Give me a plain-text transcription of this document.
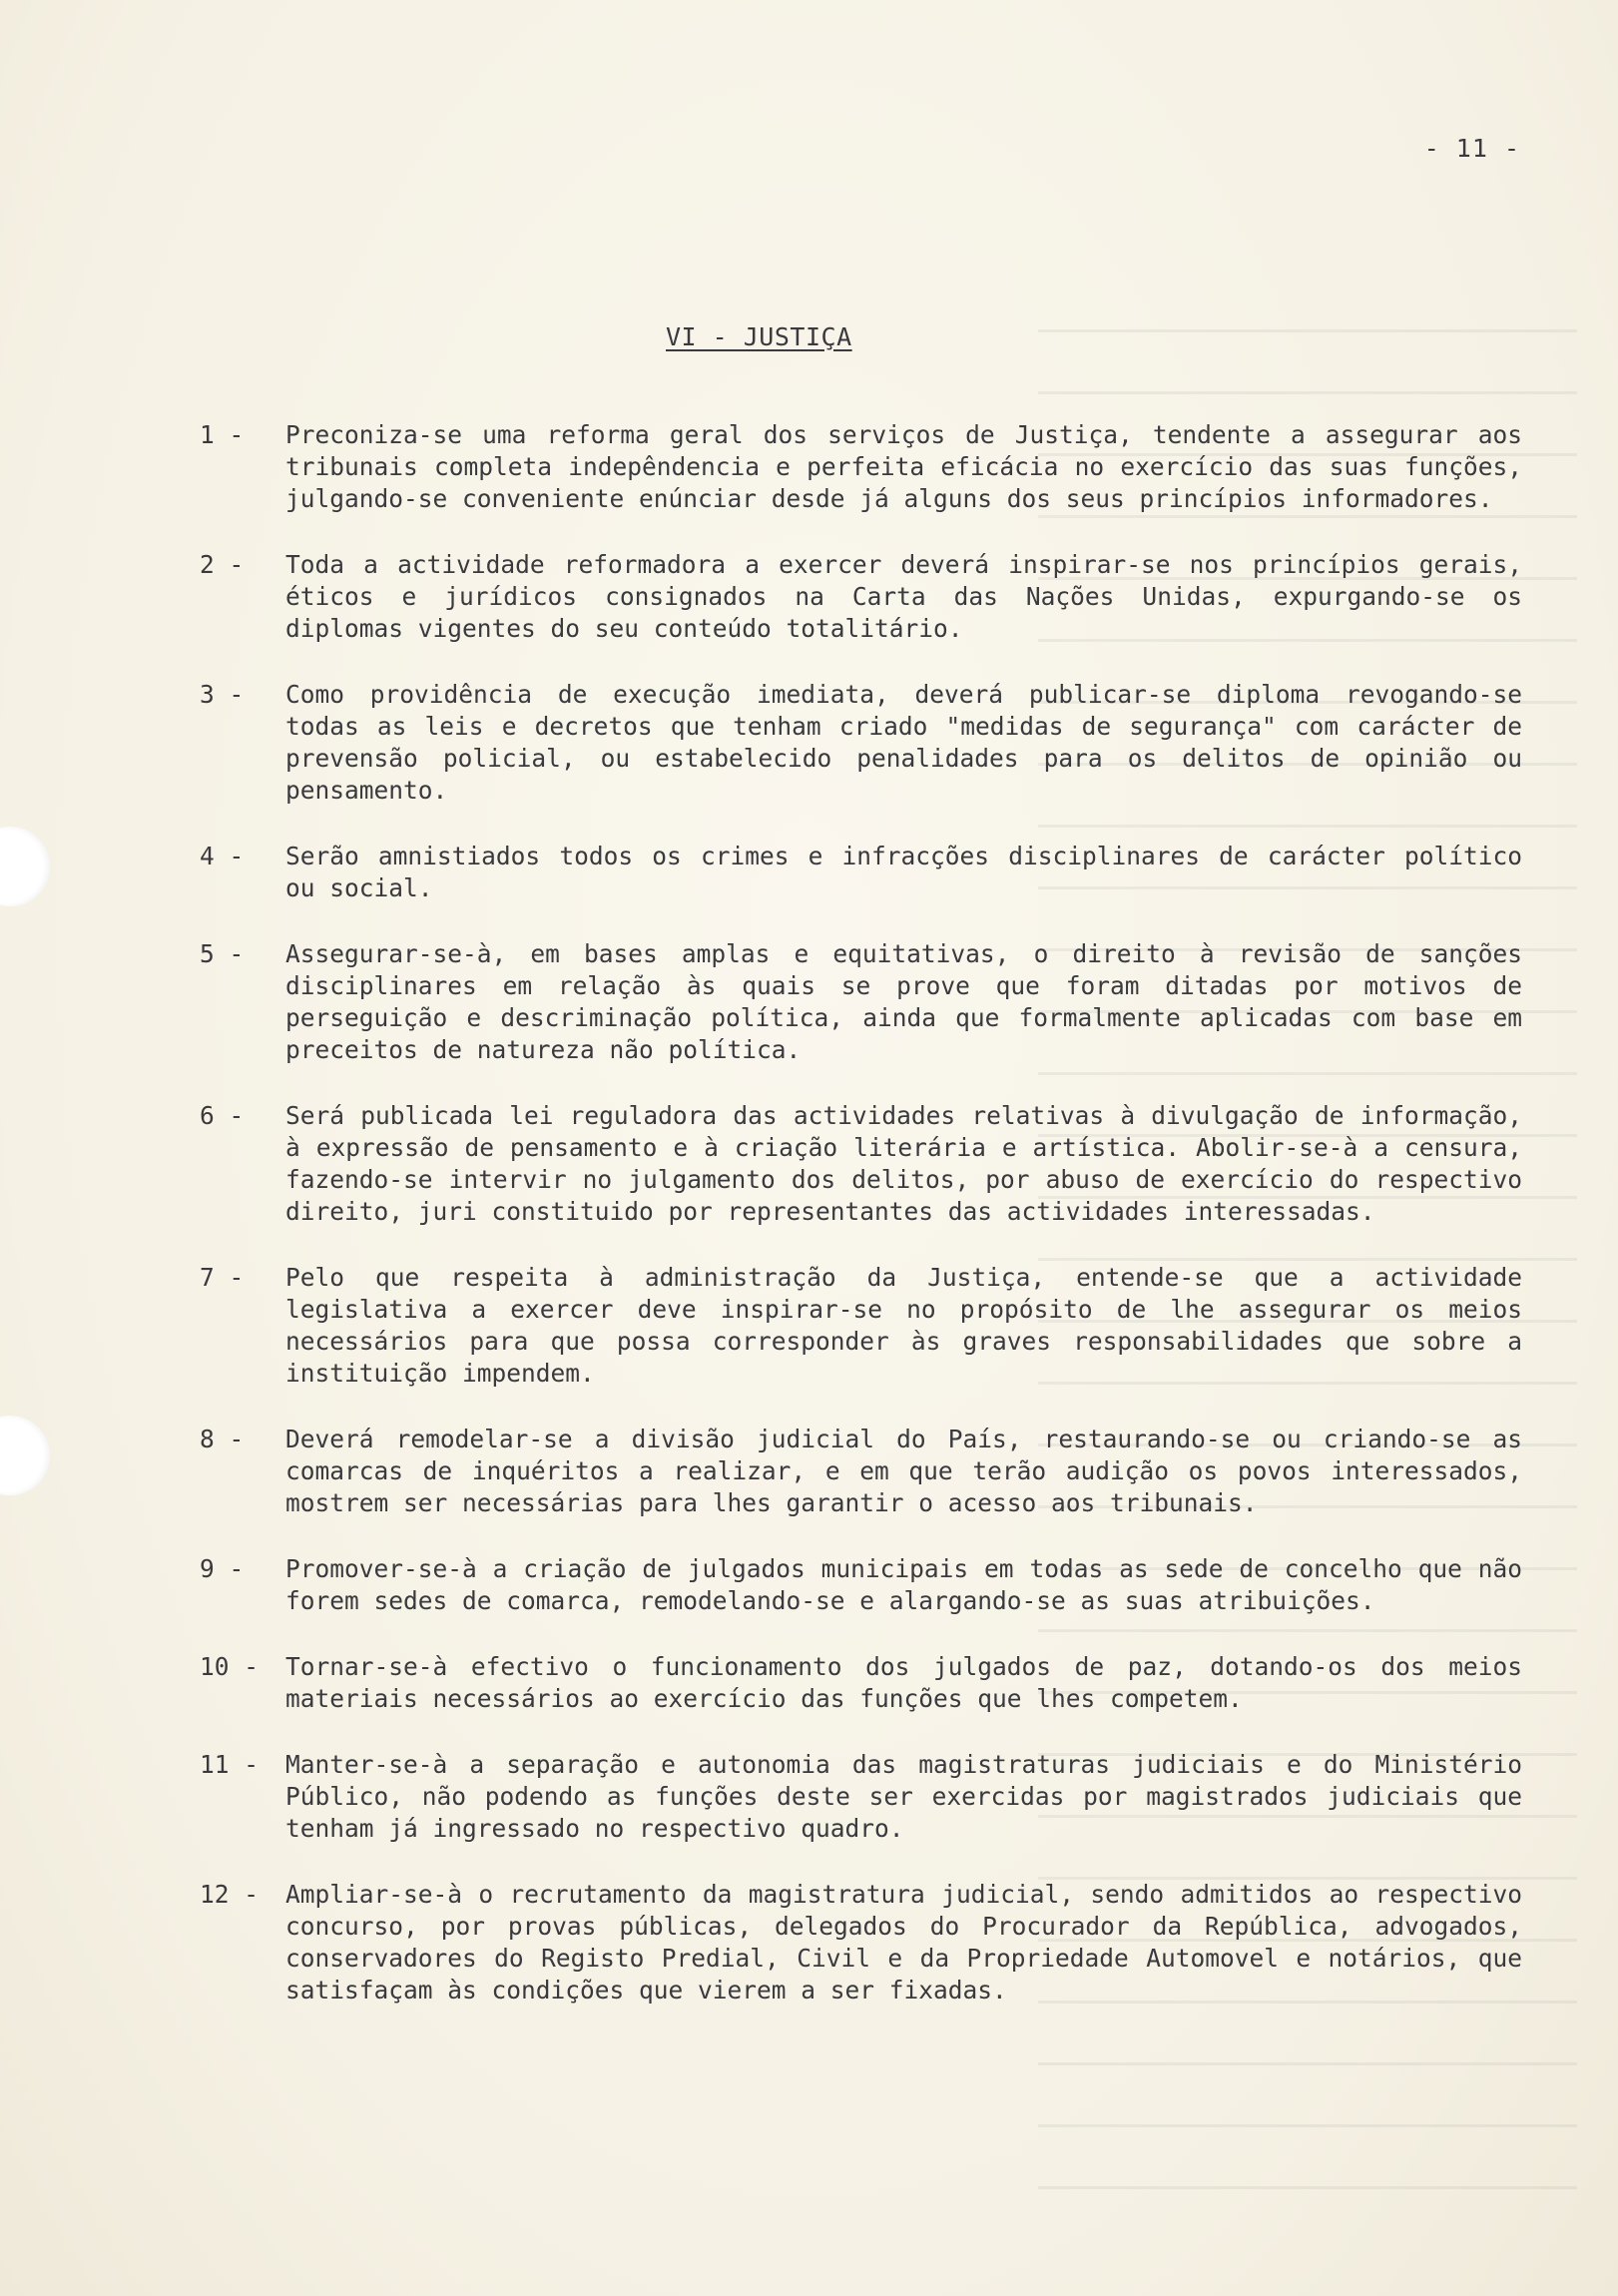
- 11 -
VI - JUSTIÇA
1 -	Preconiza-se uma reforma geral dos serviços de Justiça, tendente a assegurar aos tribunais completa indepêndencia e perfeita eficácia no exercício das suas funções, julgando-se conveniente enúnciar desde já alguns dos seus princípios informadores.
2 -	Toda a actividade reformadora a exercer deverá inspirar-se nos princípios gerais, éticos e jurídicos consignados na Carta das Nações Unidas, expurgando-se os diplomas vigentes do seu conteúdo totalitário.
3 -	Como providência de execução imediata, deverá publicar-se diploma revogando-se todas as leis e decretos que tenham criado "medidas de segurança" com carácter de prevensão policial, ou estabelecido penalidades para os delitos de opinião ou pensamento.
4 -	Serão amnistiados todos os crimes e infracções disciplinares de carácter político ou social.
5 -	Assegurar-se-à, em bases amplas e equitativas, o direito à revisão de sanções disciplinares em relação às quais se prove que foram ditadas por motivos de perseguição e descriminação política, ainda que formalmente aplicadas com base em preceitos de natureza não política.
6 -	Será publicada lei reguladora das actividades relativas à divulgação de informação, à expressão de pensamento e à criação literária e artística. Abolir-se-à a censura, fazendo-se intervir no julgamento dos delitos, por abuso de exercício do respectivo direito, juri constituido por representantes das actividades interessadas.
7 -	Pelo que respeita à administração da Justiça, entende-se que a actividade legislativa a exercer deve inspirar-se no propósito de lhe assegurar os meios necessários para que possa corresponder às graves responsabilidades que sobre a instituição impendem.
8 -	Deverá remodelar-se a divisão judicial do País, restaurando-se ou criando-se as comarcas de inquéritos a realizar, e em que terão audição os povos interessados, mostrem ser necessárias para lhes garantir o acesso aos tribunais.
9 -	Promover-se-à a criação de julgados municipais em todas as sede de concelho que não forem sedes de comarca, remodelando-se e alargando-se as suas atribuições.
10 -	Tornar-se-à efectivo o funcionamento dos julgados de paz, dotando-os dos meios materiais necessários ao exercício das funções que lhes competem.
11 -	Manter-se-à a separação e autonomia das magistraturas judiciais e do Ministério Público, não podendo as funções deste ser exercidas por magistrados judiciais que tenham já ingressado no respectivo quadro.
12 -	Ampliar-se-à o recrutamento da magistratura judicial, sendo admitidos ao respectivo concurso, por provas públicas, delegados do Procurador da República, advogados, conservadores do Registo Predial, Civil e da Propriedade Automovel e notários, que satisfaçam às condições que vierem a ser fixadas.
